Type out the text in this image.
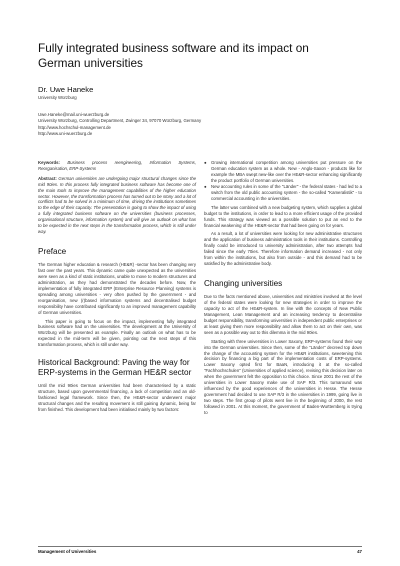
Fully integrated business software and its impact on German universities
Dr. Uwe Haneke
University Würzburg
Uwe.Haneke@mail.uni-wuerzburg.de
University Würzburg, Controlling Department, Zwinger 34, 97070 Würzburg, Germany
http://www.hochschul-management.de
http://www.uni-wuerzburg.de

Keywords: Business process reengineering, Information Systems, Reorganisation, ERP-Systems

Abstract: German universities are undergoing major structural changes since the mid 90ies. In this process fully integrated business software has become one of the main tools to improve the management capabilities of the higher education sector. However, the transformation process has turned out to be stony and a lot of conflicts had to be solved in a minimum of time, driving the institutions sometimes to the edge of their capacity. The presentation is going to show the impact of using a fully integrated business software on the universities (business processes, organisational structure, information system) and will give an outlook on what has to be expected in the next steps in the transformation process, which is still under way.

Preface

The German higher education & research (HE&R) -sector has been changing very fast over the past years. This dynamic came quite unexpected as the universities were seen as a kind of static institutions, unable to move to modern structures and administration, as they had demonstrated the decades before. Now, the implementation of fully integrated ERP (Enterprise Resource Planning) systems is spreading among universities - very often pushed by the government - and reorganisation, new (r)based information systems and decentralised budget responsibility have contributed significantly to an improved management capability of German universities.

This paper is going to focus on the impact, implementing fully integrated business software had on the universities. The development at the University of Würzburg will be presented as example. Finally an outlook on what has to be expected in the mid-term will be given, pointing out the next steps of this transformation process, which is still under way.

Historical Background: Paving the way for ERP-systems in the German HE&R sector

Until the mid 90ies German universities had been characterised by a static structure, based upon governmental financing, a lack of competition and an old-fashioned legal framework. Since then, the HE&R-sector underwent major structural changes and the resulting movement is still gaining dynamic, being far from finished. This development had been initialised mainly by two factors:

● Growing international competition among universities put pressure on the German education system as a whole. New - Anglo-Saxon - products like for example the MBA swept new-like over the HE&R-sector enhancing significantly the product portfolio of German universities.
● New accounting rules in some of the "Länder" - the federal states - had led to a switch from the old public accounting system - the so-called "Kameralistik" - to commercial accounting in the universities.

The latter was combined with a new budgeting system, which supplies a global budget to the institutions, in order to lead to a more efficient usage of the provided funds. This strategy was viewed as a possible solution to put an end to the financial weakening of the HE&R-sector that had been going on for years.

As a result, a lot of universities were looking for new administrative structures and the application of business administration tools in their institutions. Controlling finally could be introduced to university administration, after two attempts had failed since the early 70ies. Therefore information demand increased - not only from within the institutions, but also from outside - and this demand had to be satisfied by the administrative body.

Changing universities

Due to the facts mentioned above, universities and ministries involved at the level of the federal states were looking for new strategies in order to improve the capacity to act of the HE&R-system. In line with the concepts of New Public Management, Lean Management and an increasing tendency to decentralise budget responsibility, transforming universities in independent public enterprises or at least giving them more responsibility and allow them to act on their own, was seen as a possible way out to this dilemma in the mid 90ies.

Starting with three universities in Lower Saxony, ERP-systems found their way into the German universities. Since then, some of the "Länder" decreed top down the change of the accounting system for the HE&R institutions, sweetening this decision by financing a big part of the implementation costs of ERP-systems. Lower Saxony opted first for BaaN, introducing it at the so-called "Fachhochschulen" (Universities of applied science), revising this decision later on when the government felt the opposition to this choice. Since 2001 the rest of the universities in Lower Saxony make use of SAP R/3. This turnaround was influenced by the good experiences of the universities in Hesse. The Hesse government had decided to use SAP R/3 in the universities in 1999, going live in two steps. The first group of pilots went live in the beginning of 2000, the rest followed in 2001. At this moment, the government of Baden-Wurttemberg is trying to

Management of Universities	47
